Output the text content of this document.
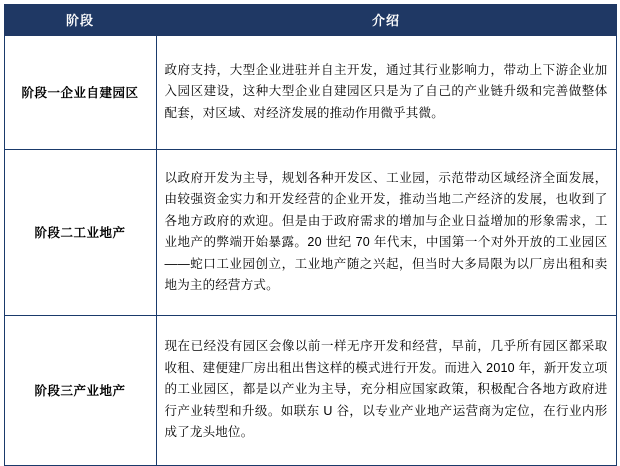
阶段	介绍
阶段一企业自建园区	政府支持，大型企业进驻并自主开发，通过其行业影响力，带动上下游企业加入园区建设，这种大型企业自建园区只是为了自己的产业链升级和完善做整体配套，对区域、对经济发展的推动作用微乎其微。
阶段二工业地产	以政府开发为主导，规划各种开发区、工业园，示范带动区域经济全面发展，由较强资金实力和开发经营的企业开发，推动当地二产经济的发展，也收到了各地方政府的欢迎。但是由于政府需求的增加与企业日益增加的形象需求，工业地产的弊端开始暴露。20 世纪 70 年代末，中国第一个对外开放的工业园区——蛇口工业园创立，工业地产随之兴起，但当时大多局限为以厂房出租和卖地为主的经营方式。
阶段三产业地产	现在已经没有园区会像以前一样无序开发和经营，早前，几乎所有园区都采取收租、建便建厂房出租出售这样的模式进行开发。而进入 2010 年，新开发立项的工业园区，都是以产业为主导，充分相应国家政策，积极配合各地方政府进行产业转型和升级。如联东 U 谷，以专业产业地产运营商为定位，在行业内形成了龙头地位。
